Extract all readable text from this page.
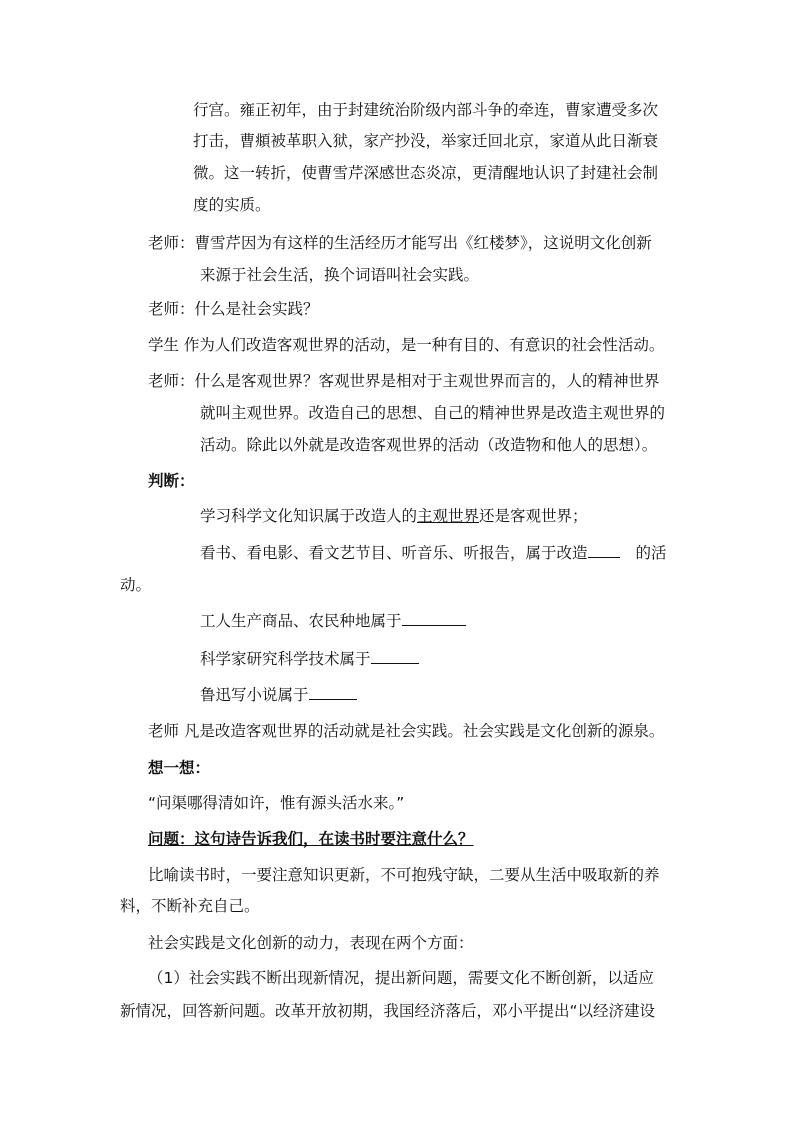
行宫。雍正初年，由于封建统治阶级内部斗争的牵连，曹家遭受多次
打击，曹頫被革职入狱，家产抄没，举家迁回北京，家道从此日渐衰
微。这一转折，使曹雪芹深感世态炎凉，更清醒地认识了封建社会制
度的实质。
老师：曹雪芹因为有这样的生活经历才能写出《红楼梦》，这说明文化创新
来源于社会生活，换个词语叫社会实践。
老师：什么是社会实践？
学生 作为人们改造客观世界的活动，是一种有目的、有意识的社会性活动。
老师：什么是客观世界？客观世界是相对于主观世界而言的，人的精神世界
就叫主观世界。改造自己的思想、自己的精神世界是改造主观世界的
活动。除此以外就是改造客观世界的活动（改造物和他人的思想）。
判断：
学习科学文化知识属于改造人的主观世界还是客观世界；
看书、看电影、看文艺节目、听音乐、听报告，属于改造	的活
动。
工人生产商品、农民种地属于
科学家研究科学技术属于
鲁迅写小说属于
老师 凡是改造客观世界的活动就是社会实践。社会实践是文化创新的源泉。
想一想：
“问渠哪得清如许，惟有源头活水来。”
问题：这句诗告诉我们，在读书时要注意什么？
比喻读书时，一要注意知识更新，不可抱残守缺，二要从生活中吸取新的养
料，不断补充自己。
社会实践是文化创新的动力，表现在两个方面：
（1）社会实践不断出现新情况，提出新问题，需要文化不断创新，以适应
新情况，回答新问题。改革开放初期，我国经济落后，邓小平提出“以经济建设
